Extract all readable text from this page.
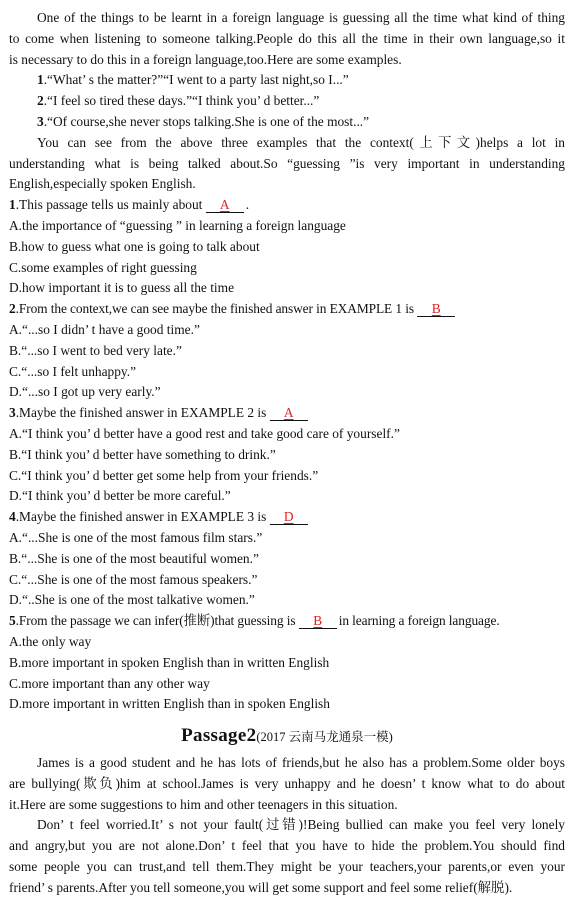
One of the things to be learnt in a foreign language is guessing all the time what kind of thing
to come when listening to someone talking.People do this all the time in their own language,so it
is necessary to do this in a foreign language,too.Here are some examples.
1.“What’ s the matter?”“I went to a party last night,so I...”
2.“I feel so tired these days.”“I think you’ d better...”
3.“Of course,she never stops talking.She is one of the most...”
You can see from the above three examples that the context(上下文)helps a lot in
understanding what is being talked about.So “guessing ”is very important in understanding
English,especially spoken English.
1.This passage tells us mainly about A .
A.the importance of “guessing ” in learning a foreign language
B.how to guess what one is going to talk about
C.some examples of right guessing
D.how important it is to guess all the time
2.From the context,we can see maybe the finished answer in EXAMPLE 1 is B
A.“...so I didn’ t have a good time.”
B.“...so I went to bed very late.”
C.“...so I felt unhappy.”
D.“...so I got up very early.”
3.Maybe the finished answer in EXAMPLE 2 is A
A.“I think you’ d better have a good rest and take good care of yourself.”
B.“I think you’ d better have something to drink.”
C.“I think you’ d better get some help from your friends.”
D.“I think you’ d better be more careful.”
4.Maybe the finished answer in EXAMPLE 3 is D
A.“...She is one of the most famous film stars.”
B.“...She is one of the most beautiful women.”
C.“...She is one of the most famous speakers.”
D.“..She is one of the most talkative women.”
5.From the passage we can infer(推断)that guessing is B in learning a foreign language.
A.the only way
B.more important in spoken English than in written English
C.more important than any other way
D.more important in written English than in spoken English
Passage2(2017 云南马龙通泉一模)
James is a good student and he has lots of friends,but he also has a problem.Some older boys
are bullying(欺负)him at school.James is very unhappy and he doesn’ t know what to do about
it.Here are some suggestions to him and other teenagers in this situation.
Don’ t feel worried.It’ s not your fault(过错)!Being bullied can make you feel very lonely
and angry,but you are not alone.Don’ t feel that you have to hide the problem.You should find
some people you can trust,and tell them.They might be your teachers,your parents,or even your
friend’ s parents.After you tell someone,you will get some support and feel some relief(解脱).
